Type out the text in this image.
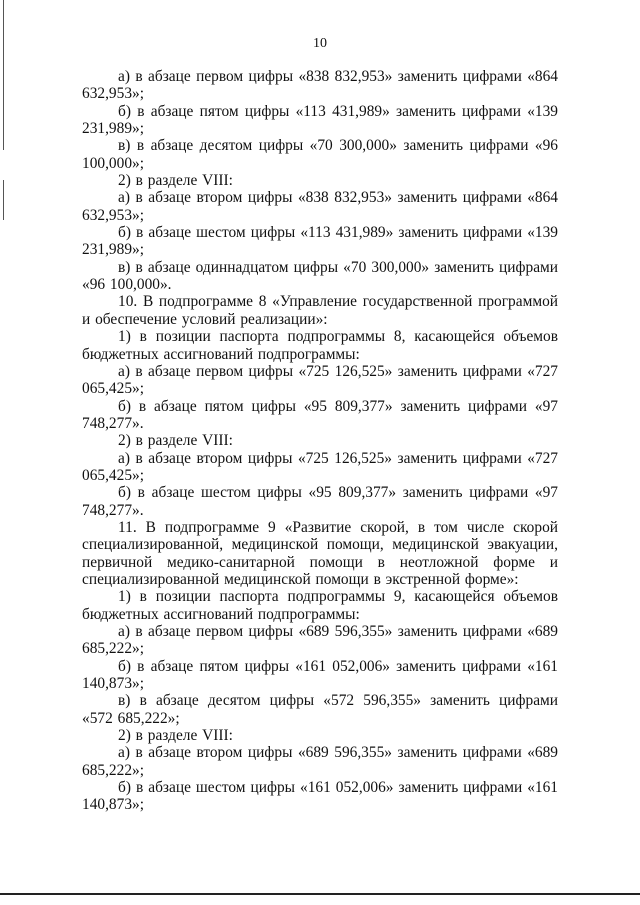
10

а) в абзаце первом цифры «838 832,953» заменить цифрами «864 632,953»;

б) в абзаце пятом цифры «113 431,989» заменить цифрами «139 231,989»;

в) в абзаце десятом цифры «70 300,000» заменить цифрами «96 100,000»;

2) в разделе VIII:

а) в абзаце втором цифры «838 832,953» заменить цифрами «864 632,953»;

б) в абзаце шестом цифры «113 431,989» заменить цифрами «139 231,989»;

в) в абзаце одиннадцатом цифры «70 300,000» заменить цифрами «96 100,000».

10. В подпрограмме 8 «Управление государственной программой и обеспечение условий реализации»:

1) в позиции паспорта подпрограммы 8, касающейся объемов бюджетных ассигнований подпрограммы:

а) в абзаце первом цифры «725 126,525» заменить цифрами «727 065,425»;

б) в абзаце пятом цифры «95 809,377» заменить цифрами «97 748,277».

2) в разделе VIII:

а) в абзаце втором цифры «725 126,525» заменить цифрами «727 065,425»;

б) в абзаце шестом цифры «95 809,377» заменить цифрами «97 748,277».

11. В подпрограмме 9 «Развитие скорой, в том числе скорой специализированной, медицинской помощи, медицинской эвакуации, первичной медико-санитарной помощи в неотложной форме и специализированной медицинской помощи в экстренной форме»:

1) в позиции паспорта подпрограммы 9, касающейся объемов бюджетных ассигнований подпрограммы:

а) в абзаце первом цифры «689 596,355» заменить цифрами «689 685,222»;

б) в абзаце пятом цифры «161 052,006» заменить цифрами «161 140,873»;

в) в абзаце десятом цифры «572 596,355» заменить цифрами «572 685,222»;

2) в разделе VIII:

а) в абзаце втором цифры «689 596,355» заменить цифрами «689 685,222»;

б) в абзаце шестом цифры «161 052,006» заменить цифрами «161 140,873»;
